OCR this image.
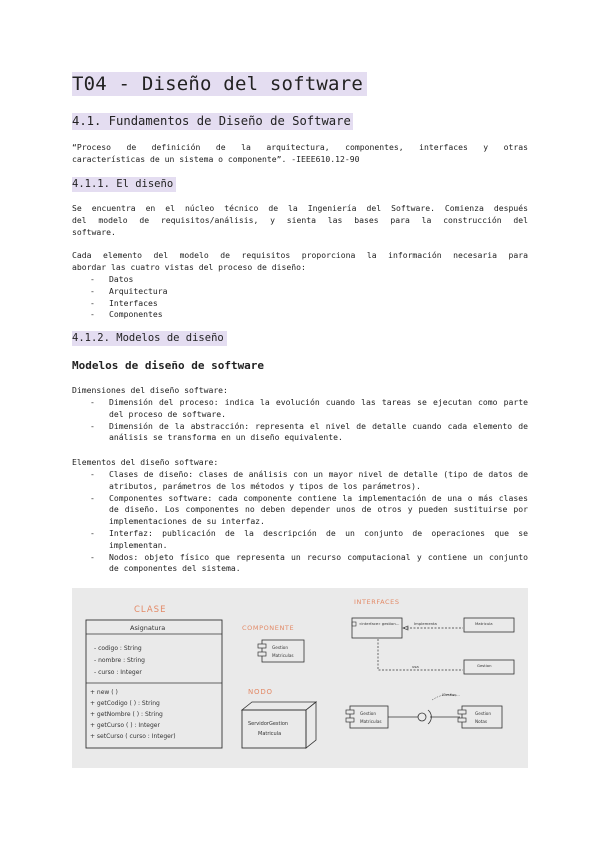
T04 - Diseño del software
4.1. Fundamentos de Diseño de Software
“Proceso de definición de la arquitectura, componentes, interfaces y otras
características de un sistema o componente”. -IEEE610.12-90
4.1.1. El diseño
Se encuentra en el núcleo técnico de la Ingeniería del Software. Comienza después
del modelo de requisitos/análisis, y sienta las bases para la construcción del
software.
Cada elemento del modelo de requisitos proporciona la información necesaria para
abordar las cuatro vistas del proceso de diseño:
- Datos
- Arquitectura
- Interfaces
- Componentes
4.1.2. Modelos de diseño
Modelos de diseño de software
Dimensiones del diseño software:
- Dimensión del proceso: indica la evolución cuando las tareas se ejecutan como parte del proceso de software.
- Dimensión de la abstracción: representa el nivel de detalle cuando cada elemento de análisis se transforma en un diseño equivalente.
Elementos del diseño software:
- Clases de diseño: clases de análisis con un mayor nivel de detalle (tipo de datos de atributos, parámetros de los métodos y tipos de los parámetros).
- Componentes software: cada componente contiene la implementación de una o más clases de diseño. Los componentes no deben depender unos de otros y pueden sustituirse por implementaciones de su interfaz.
- Interfaz: publicación de la descripción de un conjunto de operaciones que se implementan.
- Nodos: objeto físico que representa un recurso computacional y contiene un conjunto de componentes del sistema.
CLASE
Asignatura
- codigo : String
- nombre : String
- curso : Integer
+ new ( )
+ getCodigo ( ) : String
+ getNombre ( ) : String
+ getCurso ( ) : Integer
+ setCurso ( curso : Integer)
COMPONENTE
Gestion
Matriculas
NODO
ServidorGestion
Matricula
INTERFACES
«interface» gestion...	Matricula
Gestion
Implementa
usa
Gestion
Matriculas
Gestion
Notas
IGestion...
